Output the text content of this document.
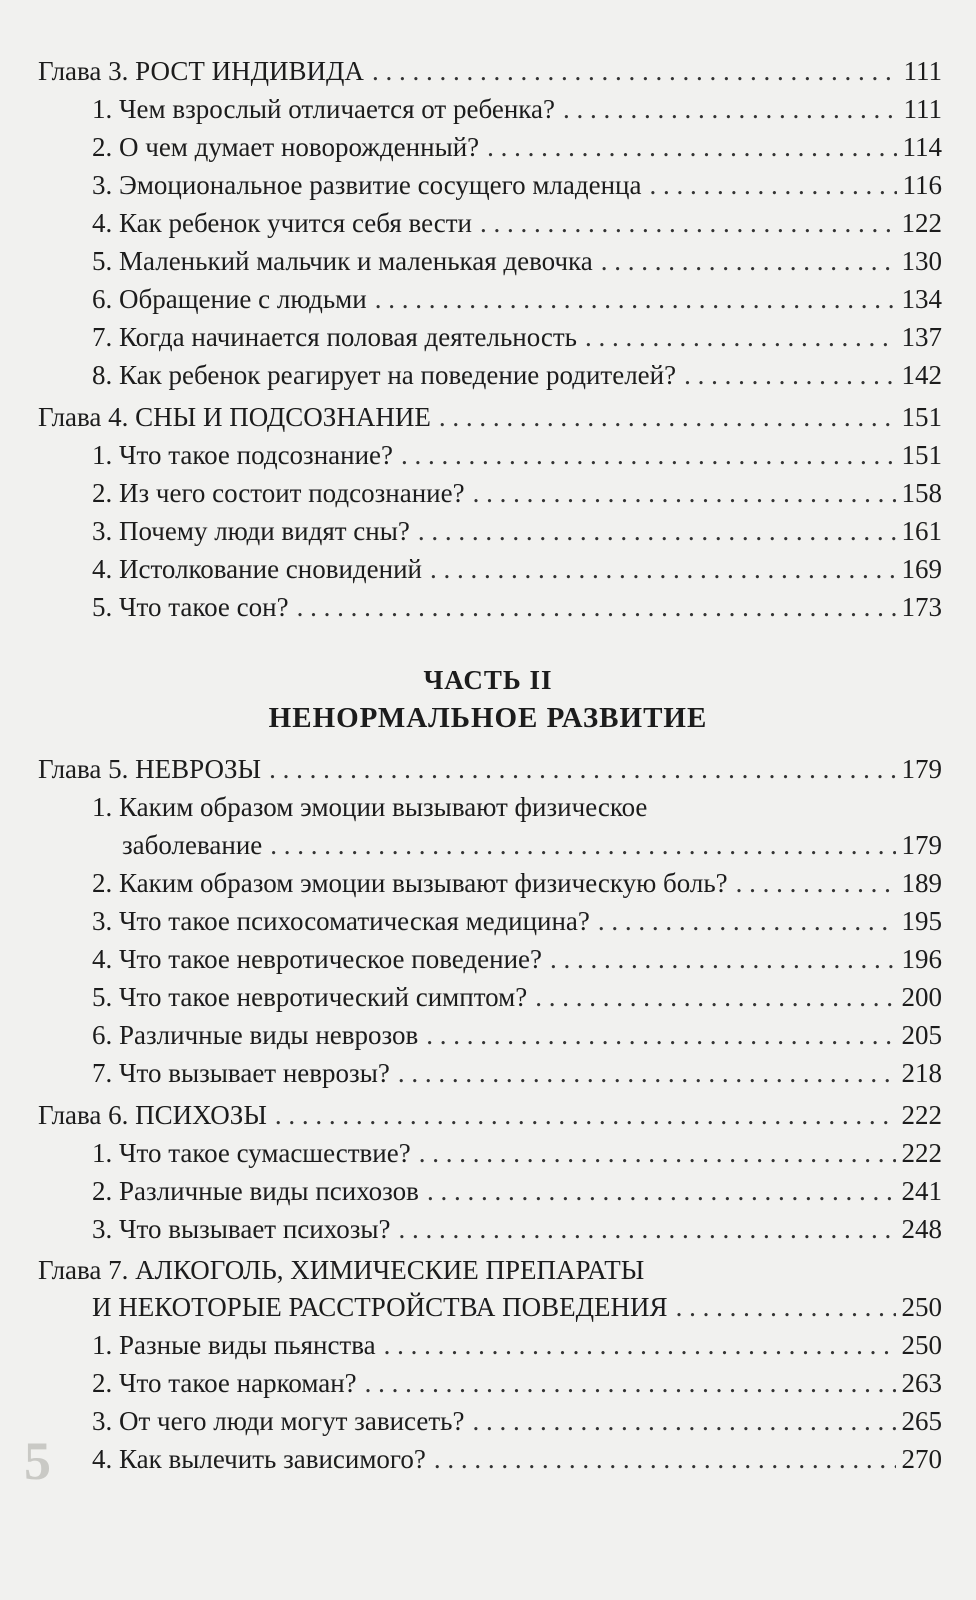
Глава 3. РОСТ ИНДИВИДА . . .	111
1. Чем взрослый отличается от ребенка? . . .	111
2. О чем думает новорожденный? . . .	114
3. Эмоциональное развитие сосущего младенца . . .	116
4. Как ребенок учится себя вести . . .	122
5. Маленький мальчик и маленькая девочка . . .	130
6. Обращение с людьми . . .	134
7. Когда начинается половая деятельность . . .	137
8. Как ребенок реагирует на поведение родителей? . . .	142
Глава 4. СНЫ И ПОДСОЗНАНИЕ . . .	151
1. Что такое подсознание? . . .	151
2. Из чего состоит подсознание? . . .	158
3. Почему люди видят сны? . . .	161
4. Истолкование сновидений . . .	169
5. Что такое сон? . . .	173
ЧАСТЬ II
НЕНОРМАЛЬНОЕ РАЗВИТИЕ
Глава 5. НЕВРОЗЫ . . .	179
1. Каким образом эмоции вызывают физическое
заболевание . . .	179
2. Каким образом эмоции вызывают физическую боль? . . .	189
3. Что такое психосоматическая медицина? . . .	195
4. Что такое невротическое поведение? . . .	196
5. Что такое невротический симптом? . . .	200
6. Различные виды неврозов . . .	205
7. Что вызывает неврозы? . . .	218
Глава 6. ПСИХОЗЫ . . .	222
1. Что такое сумасшествие? . . .	222
2. Различные виды психозов . . .	241
3. Что вызывает психозы? . . .	248
Глава 7. АЛКОГОЛЬ, ХИМИЧЕСКИЕ ПРЕПАРАТЫ
И НЕКОТОРЫЕ РАССТРОЙСТВА ПОВЕДЕНИЯ . . .	250
1. Разные виды пьянства . . .	250
2. Что такое наркоман? . . .	263
3. От чего люди могут зависеть? . . .	265
4. Как вылечить зависимого? . . .	270
5
